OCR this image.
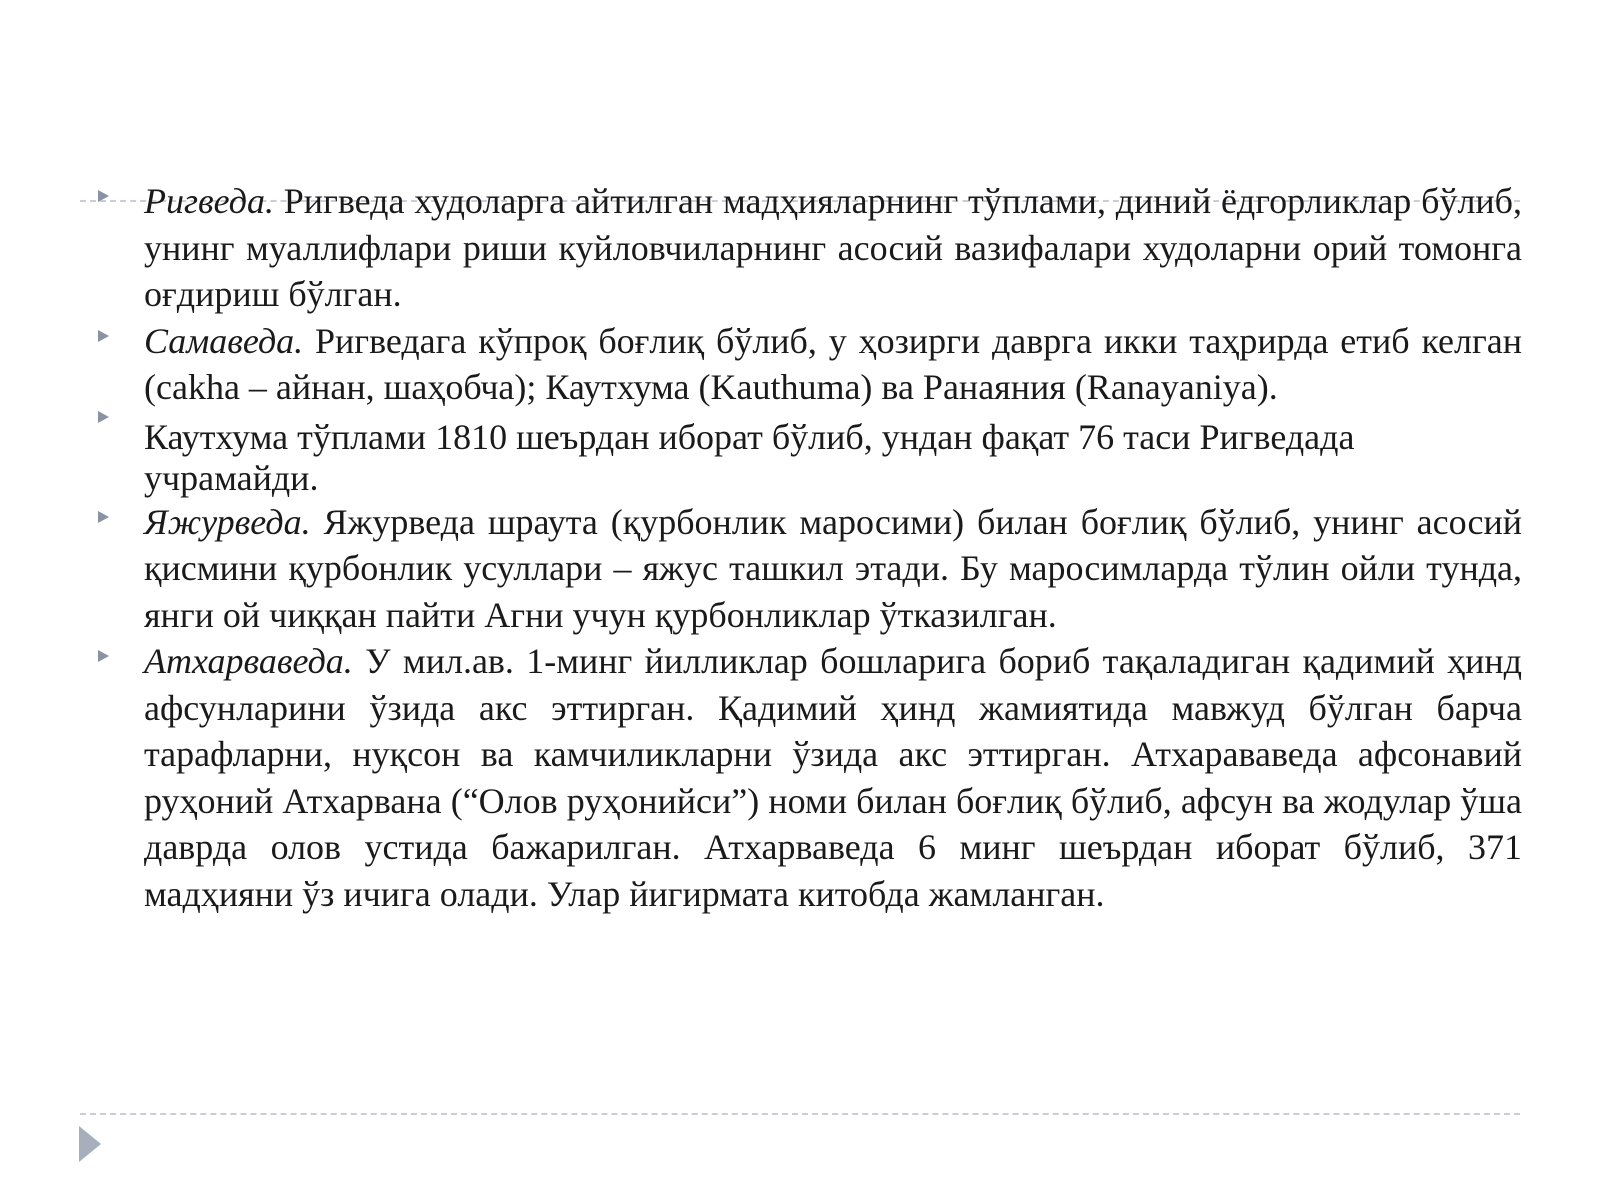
Ригведа. Ригведа худоларга айтилган мадҳияларнинг тўплами, диний ёдгорликлар бўлиб, унинг муаллифлари риши куйловчиларнинг асосий вазифалари худоларни орий томонга оғдириш бўлган.

Самаведа. Ригведага кўпроқ боғлиқ бўлиб, у ҳозирги даврга икки таҳрирда етиб келган (cakha – айнан, шаҳобча); Каутхума (Kauthuma) ва Ранаяния (Ranayaniya).

Каутхума тўплами 1810 шеърдан иборат бўлиб, ундан фақат 76 таси Ригведада учрамайди.

Яжурведа. Яжурведа шраута (қурбонлик маросими) билан боғлиқ бўлиб, унинг асосий қисмини қурбонлик усуллари – яжус ташкил этади. Бу маросимларда тўлин ойли тунда, янги ой чиққан пайти Агни учун қурбонликлар ўтказилган.

Атхарваведа. У мил.ав. 1-минг йилликлар бошларига бориб тақаладиган қадимий ҳинд афсунларини ўзида акс эттирган. Қадимий ҳинд жамиятида мавжуд бўлган барча тарафларни, нуқсон ва камчиликларни ўзида акс эттирган. Атхарававеда афсонавий руҳоний Атхарвана (“Олов руҳонийси”) номи билан боғлиқ бўлиб, афсун ва жодулар ўша даврда олов устида бажарилган. Атхарваведа 6 минг шеърдан иборат бўлиб, 371 мадҳияни ўз ичига олади. Улар йигирмата китобда жамланган.
